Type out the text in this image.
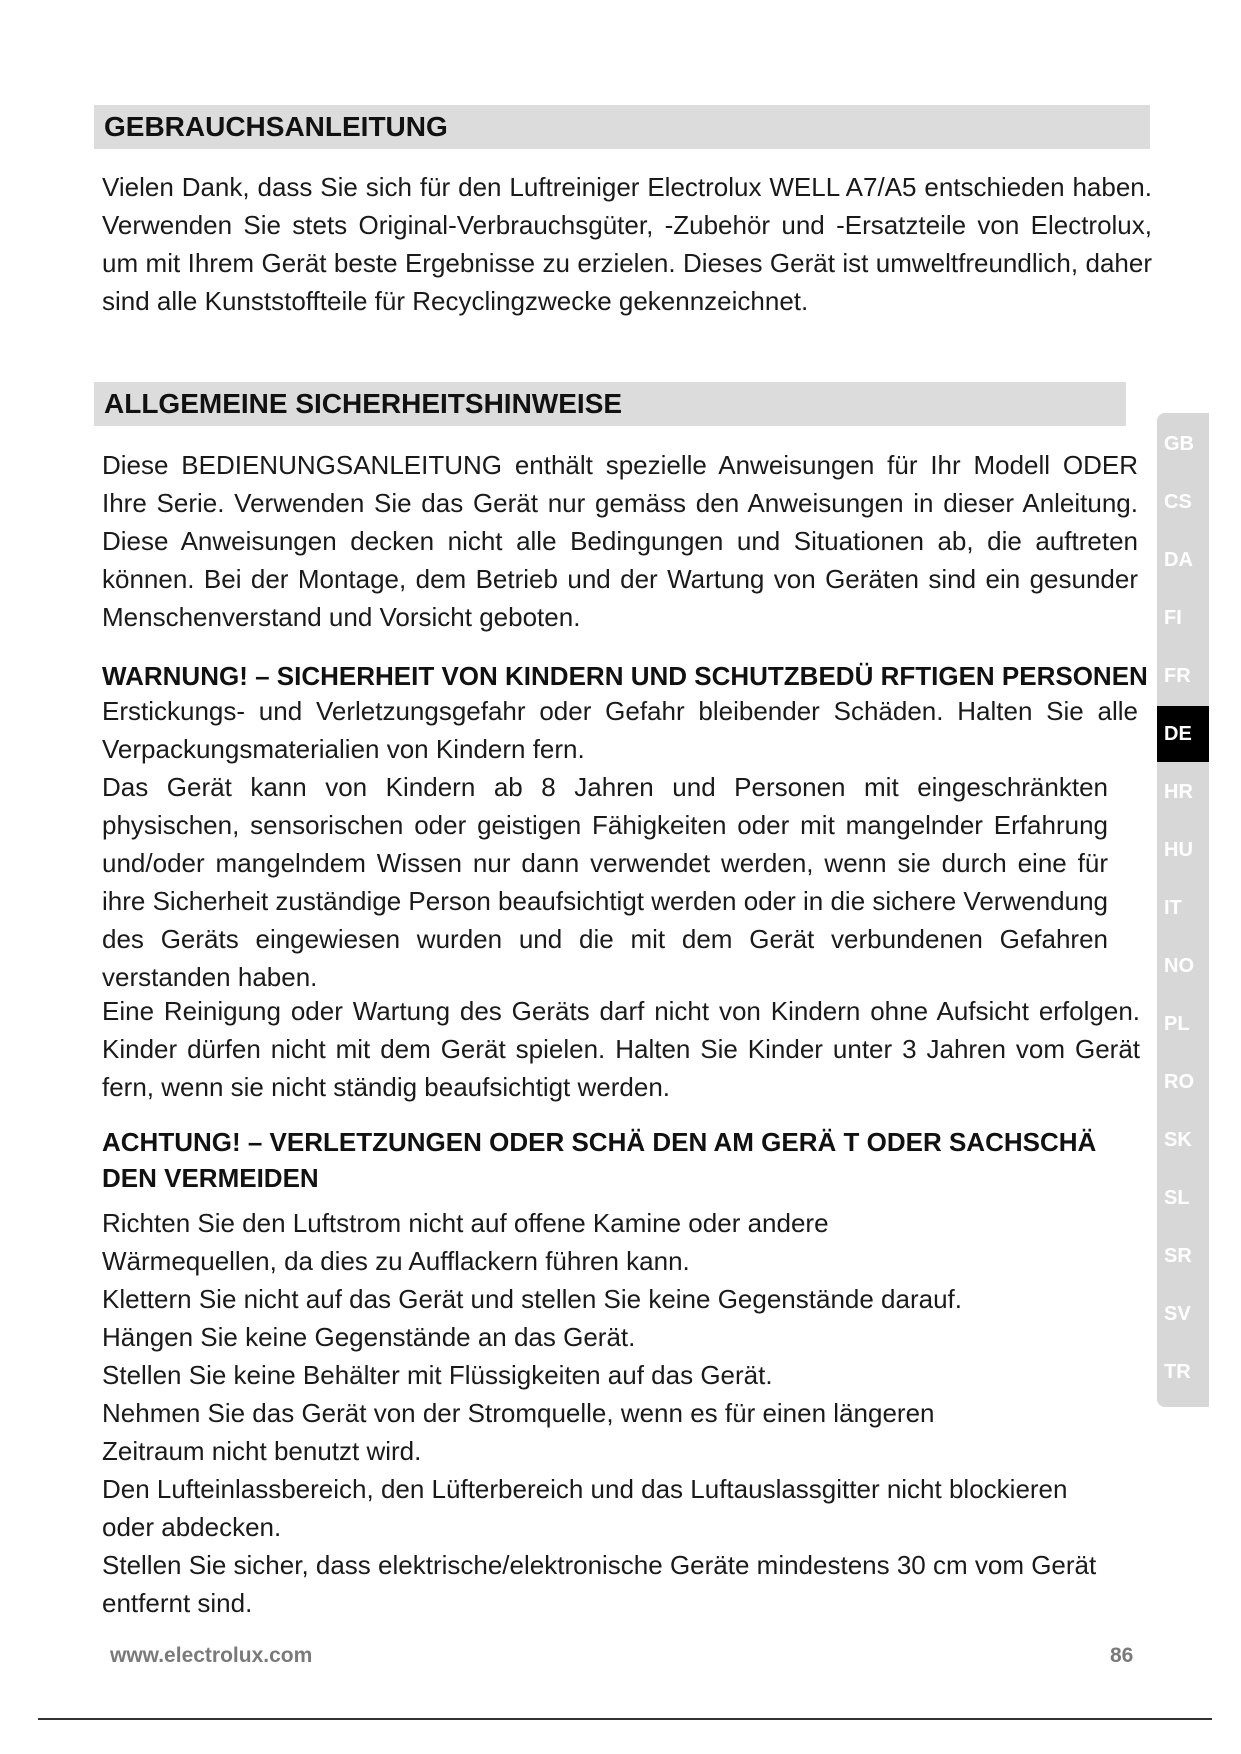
GEBRAUCHSANLEITUNG

Vielen Dank, dass Sie sich für den Luftreiniger Electrolux WELL A7/A5 entschieden haben. Verwenden Sie stets Original-Verbrauchsgüter, -Zubehör und -Ersatzteile von Electrolux, um mit Ihrem Gerät beste Ergebnisse zu erzielen. Dieses Gerät ist umweltfreundlich, daher sind alle Kunststoffteile für Recyclingzwecke gekennzeichnet.

ALLGEMEINE SICHERHEITSHINWEISE

Diese BEDIENUNGSANLEITUNG enthält spezielle Anweisungen für Ihr Modell ODER Ihre Serie. Verwenden Sie das Gerät nur gemäss den Anweisungen in dieser Anleitung. Diese Anweisungen decken nicht alle Bedingungen und Situationen ab, die auftreten können. Bei der Montage, dem Betrieb und der Wartung von Geräten sind ein gesunder Menschenverstand und Vorsicht geboten.

WARNUNG! – SICHERHEIT VON KINDERN UND SCHUTZBEDÜ RFTIGEN PERSONEN

Erstickungs- und Verletzungsgefahr oder Gefahr bleibender Schäden. Halten Sie alle Verpackungsmaterialien von Kindern fern.

Das Gerät kann von Kindern ab 8 Jahren und Personen mit eingeschränkten physischen, sensorischen oder geistigen Fähigkeiten oder mit mangelnder Erfahrung und/oder mangelndem Wissen nur dann verwendet werden, wenn sie durch eine für ihre Sicherheit zuständige Person beaufsichtigt werden oder in die sichere Verwendung des Geräts eingewiesen wurden und die mit dem Gerät verbundenen Gefahren verstanden haben.

Eine Reinigung oder Wartung des Geräts darf nicht von Kindern ohne Aufsicht erfolgen. Kinder dürfen nicht mit dem Gerät spielen. Halten Sie Kinder unter 3 Jahren vom Gerät fern, wenn sie nicht ständig beaufsichtigt werden.

ACHTUNG! – VERLETZUNGEN ODER SCHÄ DEN AM GERÄ T ODER SACHSCHÄ DEN VERMEIDEN
Richten Sie den Luftstrom nicht auf offene Kamine oder andere
Wärmequellen, da dies zu Aufflackern führen kann.
Klettern Sie nicht auf das Gerät und stellen Sie keine Gegenstände darauf.
Hängen Sie keine Gegenstände an das Gerät.
Stellen Sie keine Behälter mit Flüssigkeiten auf das Gerät.
Nehmen Sie das Gerät von der Stromquelle, wenn es für einen längeren
Zeitraum nicht benutzt wird.
Den Lufteinlassbereich, den Lüfterbereich und das Luftauslassgitter nicht blockieren
oder abdecken.
Stellen Sie sicher, dass elektrische/elektronische Geräte mindestens 30 cm vom Gerät
entfernt sind.
GB
CS
DA
FI
FR
DE
HR
HU
IT
NO
PL
RO
SK
SL
SR
SV
TR
www.electrolux.com	86
